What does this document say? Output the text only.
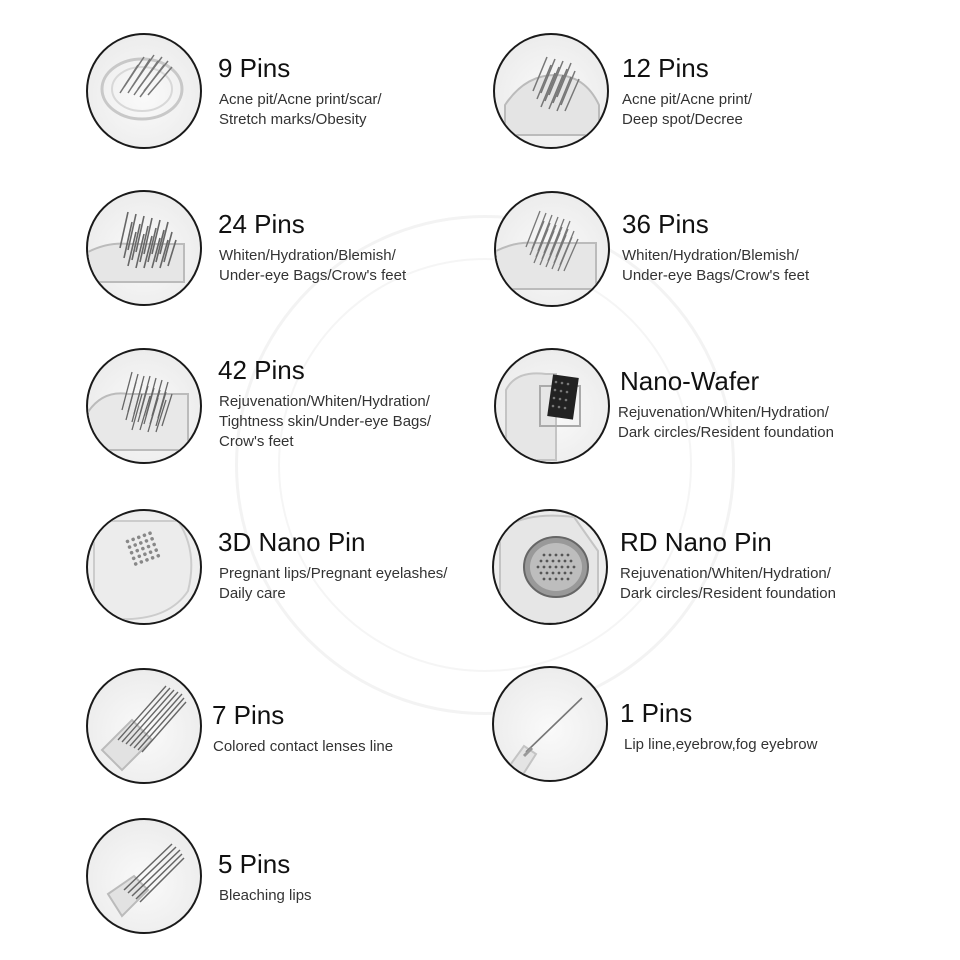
9 Pins
Acne pit/Acne print/scar/
Stretch marks/Obesity
12 Pins
Acne pit/Acne print/
Deep spot/Decree
24 Pins
Whiten/Hydration/Blemish/
Under-eye Bags/Crow's feet
36 Pins
Whiten/Hydration/Blemish/
Under-eye Bags/Crow's feet
42 Pins
Rejuvenation/Whiten/Hydration/
Tightness skin/Under-eye Bags/
Crow's feet
Nano-Wafer
Rejuvenation/Whiten/Hydration/
Dark circles/Resident foundation
3D Nano Pin
Pregnant lips/Pregnant eyelashes/
Daily care
RD Nano Pin
Rejuvenation/Whiten/Hydration/
Dark circles/Resident foundation
7 Pins
Colored contact lenses line
1 Pins
Lip line,eyebrow,fog eyebrow
5 Pins
Bleaching lips
